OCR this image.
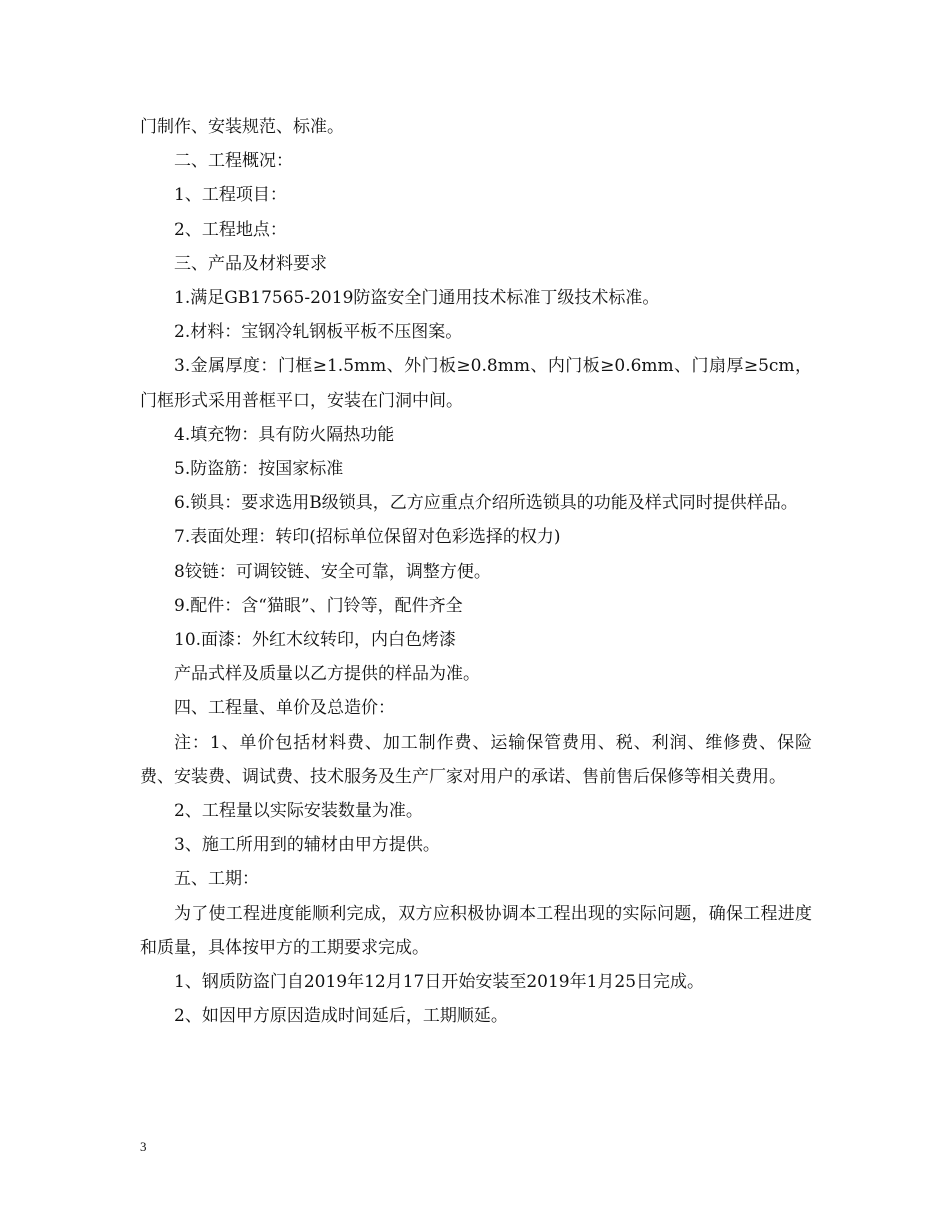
门制作、安装规范、标准。

二、工程概况：

1、工程项目：

2、工程地点：

三、产品及材料要求

1.满足GB17565-2019防盗安全门通用技术标准丁级技术标准。

2.材料：宝钢冷轧钢板平板不压图案。

3.金属厚度：门框≥1.5mm、外门板≥0.8mm、内门板≥0.6mm、门扇厚≥5cm，门框形式采用普框平口，安装在门洞中间。

4.填充物：具有防火隔热功能

5.防盗筋：按国家标准

6.锁具：要求选用B级锁具，乙方应重点介绍所选锁具的功能及样式同时提供样品。

7.表面处理：转印(招标单位保留对色彩选择的权力)

8铰链：可调铰链、安全可靠，调整方便。

9.配件：含“猫眼”、门铃等，配件齐全

10.面漆：外红木纹转印，内白色烤漆

产品式样及质量以乙方提供的样品为准。

四、工程量、单价及总造价：

注：1、单价包括材料费、加工制作费、运输保管费用、税、利润、维修费、保险费、安装费、调试费、技术服务及生产厂家对用户的承诺、售前售后保修等相关费用。

2、工程量以实际安装数量为准。

3、施工所用到的辅材由甲方提供。

五、工期：

为了使工程进度能顺利完成，双方应积极协调本工程出现的实际问题，确保工程进度和质量，具体按甲方的工期要求完成。

1、钢质防盗门自2019年12月17日开始安装至2019年1月25日完成。

2、如因甲方原因造成时间延后，工期顺延。

3
